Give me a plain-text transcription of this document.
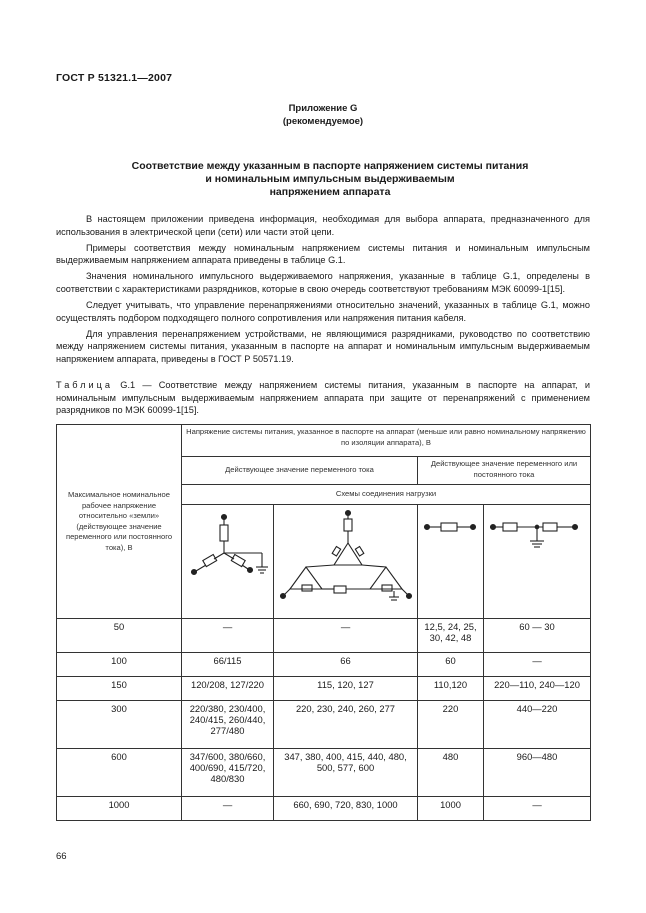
ГОСТ Р 51321.1—2007
Приложение G
(рекомендуемое)
Соответствие между указанным в паспорте напряжением системы питания
и номинальным импульсным выдерживаемым
напряжением аппарата

В настоящем приложении приведена информация, необходимая для выбора аппарата, предназначенного для использования в электрической цепи (сети) или части этой цепи.

Примеры соответствия между номинальным напряжением системы питания и номинальным импульсным выдерживаемым напряжением аппарата приведены в таблице G.1.

Значения номинального импульсного выдерживаемого напряжения, указанные в таблице G.1, определены в соответствии с характеристиками разрядников, которые в свою очередь соответствуют требованиям МЭК 60099-1[15].

Следует учитывать, что управление перенапряжениями относительно значений, указанных в таблице G.1, можно осуществлять подбором подходящего полного сопротивления или напряжения питания кабеля.

Для управления перенапряжением устройствами, не являющимися разрядниками, руководство по соответствию между напряжением системы питания, указанным в паспорте на аппарат и номинальным импульсным выдерживаемым напряжением аппарата, приведены в ГОСТ Р 50571.19.

Таблица G.1 — Соответствие между напряжением системы питания, указанным в паспорте на аппарат, и номинальным импульсным выдерживаемым напряжением аппарата при защите от перенапряжений с применением разрядников по МЭК 60099-1[15].
Максимальное номинальное рабочее напряжение относительно «земли» (действующее значение переменного или постоянного тока), В	Напряжение системы питания, указанное в паспорте на аппарат (меньше или равно номинальному напряжению по изоляции аппарата), В			
	Действующее значение переменного тока		Действующее значение переменного или постоянного тока	
	Схемы соединения нагрузки			

50	—	—	12,5, 24, 25, 30, 42, 48	60 — 30
100	66/115	66	60	—
150	120/208, 127/220	115, 120, 127	110,120	220—110, 240—120
300	220/380, 230/400, 240/415, 260/440, 277/480	220, 230, 240, 260, 277	220	440—220
600	347/600, 380/660, 400/690, 415/720, 480/830	347, 380, 400, 415, 440, 480, 500, 577, 600	480	960—480
1000	—	660, 690, 720, 830, 1000	1000	—
66
